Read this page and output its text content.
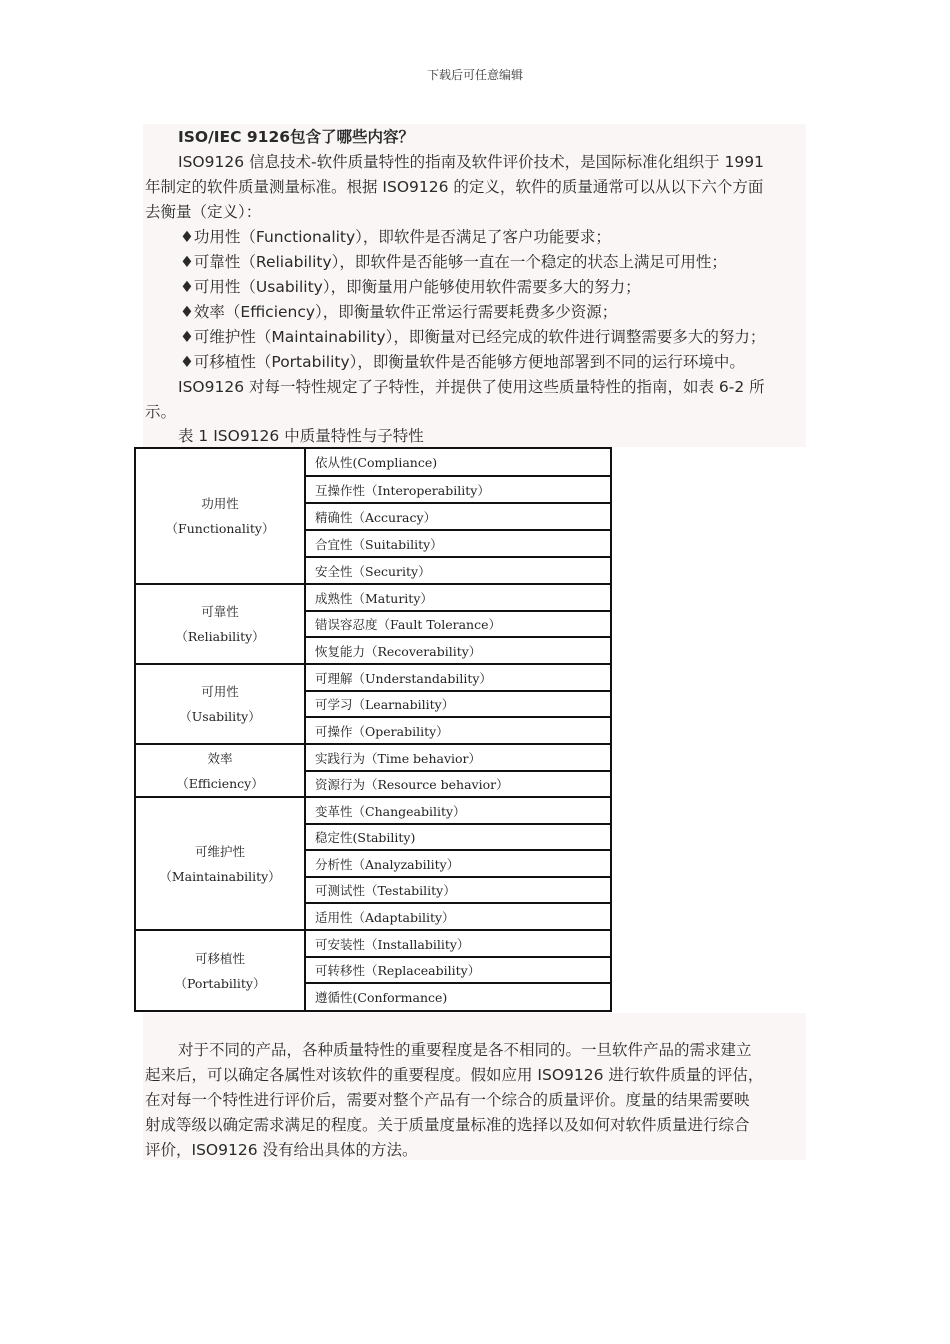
下载后可任意编辑
ISO/IEC 9126包含了哪些内容？
ISO9126 信息技术-软件质量特性的指南及软件评价技术，是国际标准化组织于 1991
年制定的软件质量测量标准。根据 ISO9126 的定义，软件的质量通常可以从以下六个方面
去衡量（定义）：
♦功用性（Functionality），即软件是否满足了客户功能要求；
♦可靠性（Reliability），即软件是否能够一直在一个稳定的状态上满足可用性；
♦可用性（Usability），即衡量用户能够使用软件需要多大的努力；
♦效率（Efficiency），即衡量软件正常运行需要耗费多少资源；
♦可维护性（Maintainability），即衡量对已经完成的软件进行调整需要多大的努力；
♦可移植性（Portability），即衡量软件是否能够方便地部署到不同的运行环境中。
ISO9126 对每一特性规定了子特性，并提供了使用这些质量特性的指南，如表 6-2 所
示。
表 1 ISO9126 中质量特性与子特性
功用性
（Functionality）
可靠性
（Reliability）
可用性
（Usability）
效率
（Efficiency）
可维护性
（Maintainability）
可移植性
（Portability）
依从性(Compliance)
互操作性（Interoperability）
精确性（Accuracy）
合宜性（Suitability）
安全性（Security）
成熟性（Maturity）
错误容忍度（Fault Tolerance）
恢复能力（Recoverability）
可理解（Understandability）
可学习（Learnability）
可操作（Operability）
实践行为（Time behavior）
资源行为（Resource behavior）
变革性（Changeability）
稳定性(Stability)
分析性（Analyzability）
可测试性（Testability）
适用性（Adaptability）
可安装性（Installability）
可转移性（Replaceability）
遵循性(Conformance)
对于不同的产品，各种质量特性的重要程度是各不相同的。一旦软件产品的需求建立
起来后，可以确定各属性对该软件的重要程度。假如应用 ISO9126 进行软件质量的评估，
在对每一个特性进行评价后，需要对整个产品有一个综合的质量评价。度量的结果需要映
射成等级以确定需求满足的程度。关于质量度量标准的选择以及如何对软件质量进行综合
评价，ISO9126 没有给出具体的方法。
